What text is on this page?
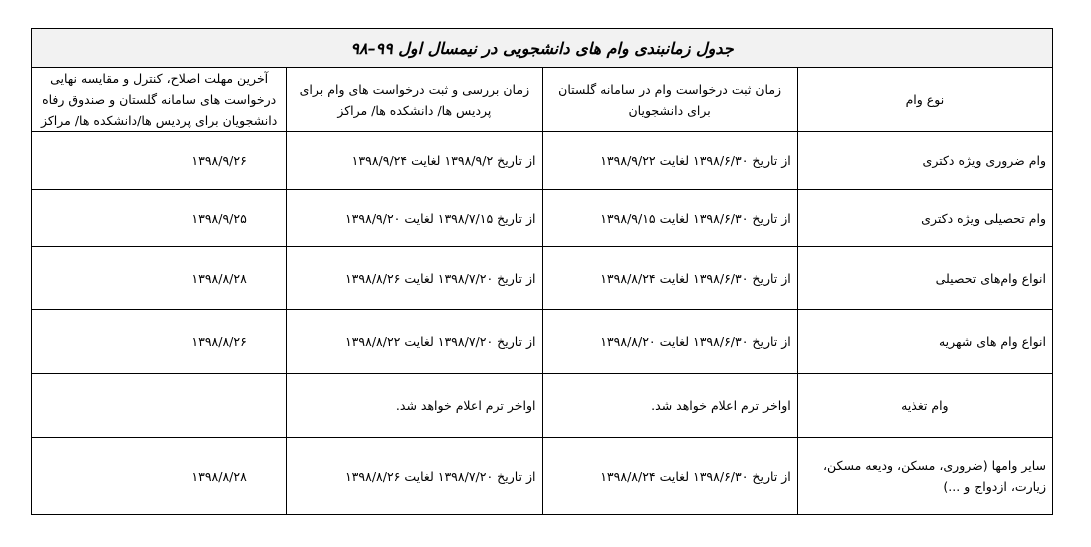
جدول زمانبندی وام های دانشجویی در نیمسال اول ۹۹–۹۸			
نوع وام	زمان ثبت درخواست وام در سامانه گلستان برای دانشجویان	زمان بررسی و ثبت درخواست های وام برای پردیس ها/ دانشکده ها/ مراکز	آخرین مهلت اصلاح، کنترل و مقایسه نهایی درخواست های سامانه گلستان و صندوق رفاه دانشجویان برای پردیس ها/دانشکده ها/ مراکز
وام ضروری ویژه دکتری	از تاریخ ۱۳۹۸/۶/۳۰ لغایت ۱۳۹۸/۹/۲۲	از تاریخ ۱۳۹۸/۹/۲ لغایت ۱۳۹۸/۹/۲۴	۱۳۹۸/۹/۲۶

وام تحصیلی ویژه دکتری	از تاریخ ۱۳۹۸/۶/۳۰ لغایت ۱۳۹۸/۹/۱۵	از تاریخ ۱۳۹۸/۷/۱۵ لغایت ۱۳۹۸/۹/۲۰	۱۳۹۸/۹/۲۵

انواع وام‌های تحصیلی	از تاریخ ۱۳۹۸/۶/۳۰ لغایت ۱۳۹۸/۸/۲۴	از تاریخ ۱۳۹۸/۷/۲۰ لغایت ۱۳۹۸/۸/۲۶	۱۳۹۸/۸/۲۸

انواع وام های شهریه	از تاریخ ۱۳۹۸/۶/۳۰ لغایت ۱۳۹۸/۸/۲۰	از تاریخ ۱۳۹۸/۷/۲۰ لغایت ۱۳۹۸/۸/۲۲	۱۳۹۸/۸/۲۶

وام تغذیه	اواخر ترم اعلام خواهد شد.	اواخر ترم اعلام خواهد شد.	

سایر وامها (ضروری، مسکن، ودیعه مسکن، زیارت، ازدواج و ...)	از تاریخ ۱۳۹۸/۶/۳۰ لغایت ۱۳۹۸/۸/۲۴	از تاریخ ۱۳۹۸/۷/۲۰ لغایت ۱۳۹۸/۸/۲۶	۱۳۹۸/۸/۲۸
